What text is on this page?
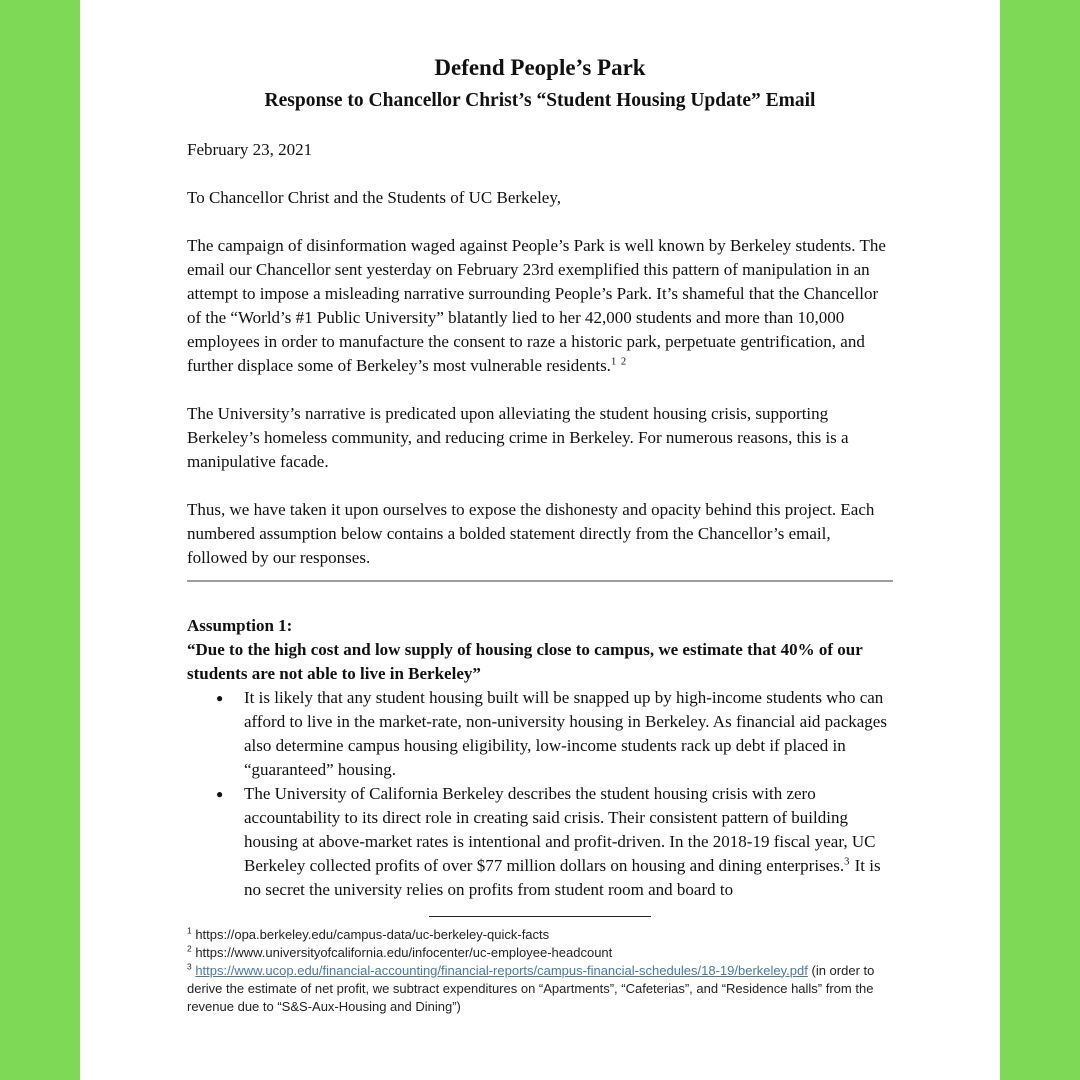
Defend People’s Park
Response to Chancellor Christ’s “Student Housing Update” Email

February 23, 2021

To Chancellor Christ and the Students of UC Berkeley,

The campaign of disinformation waged against People’s Park is well known by Berkeley students. The email our Chancellor sent yesterday on February 23rd exemplified this pattern of manipulation in an attempt to impose a misleading narrative surrounding People’s Park. It’s shameful that the Chancellor of the “World’s #1 Public University” blatantly lied to her 42,000 students and more than 10,000 employees in order to manufacture the consent to raze a historic park, perpetuate gentrification, and further displace some of Berkeley’s most vulnerable residents.$^{1 2}$

The University’s narrative is predicated upon alleviating the student housing crisis, supporting Berkeley’s homeless community, and reducing crime in Berkeley. For numerous reasons, this is a manipulative facade.

Thus, we have taken it upon ourselves to expose the dishonesty and opacity behind this project. Each numbered assumption below contains a bolded statement directly from the Chancellor’s email, followed by our responses.

Assumption 1:

“Due to the high cost and low supply of housing close to campus, we estimate that 40% of our students are not able to live in Berkeley”

● It is likely that any student housing built will be snapped up by high-income students who can afford to live in the market-rate, non-university housing in Berkeley. As financial aid packages also determine campus housing eligibility, low-income students rack up debt if placed in “guaranteed” housing.
● The University of California Berkeley describes the student housing crisis with zero accountability to its direct role in creating said crisis. Their consistent pattern of building housing at above-market rates is intentional and profit-driven. In the 2018-19 fiscal year, UC Berkeley collected profits of over $77 million dollars on housing and dining enterprises.$^3$ It is no secret the university relies on profits from student room and board to

$^1$ https://opa.berkeley.edu/campus-data/uc-berkeley-quick-facts

$^2$ https://www.universityofcalifornia.edu/infocenter/uc-employee-headcount

$^3$ https://www.ucop.edu/financial-accounting/financial-reports/campus-financial-schedules/18-19/berkeley.pdf (in order to derive the estimate of net profit, we subtract expenditures on “Apartments”, “Cafeterias”, and “Residence halls” from the revenue due to “S&S-Aux-Housing and Dining”)
